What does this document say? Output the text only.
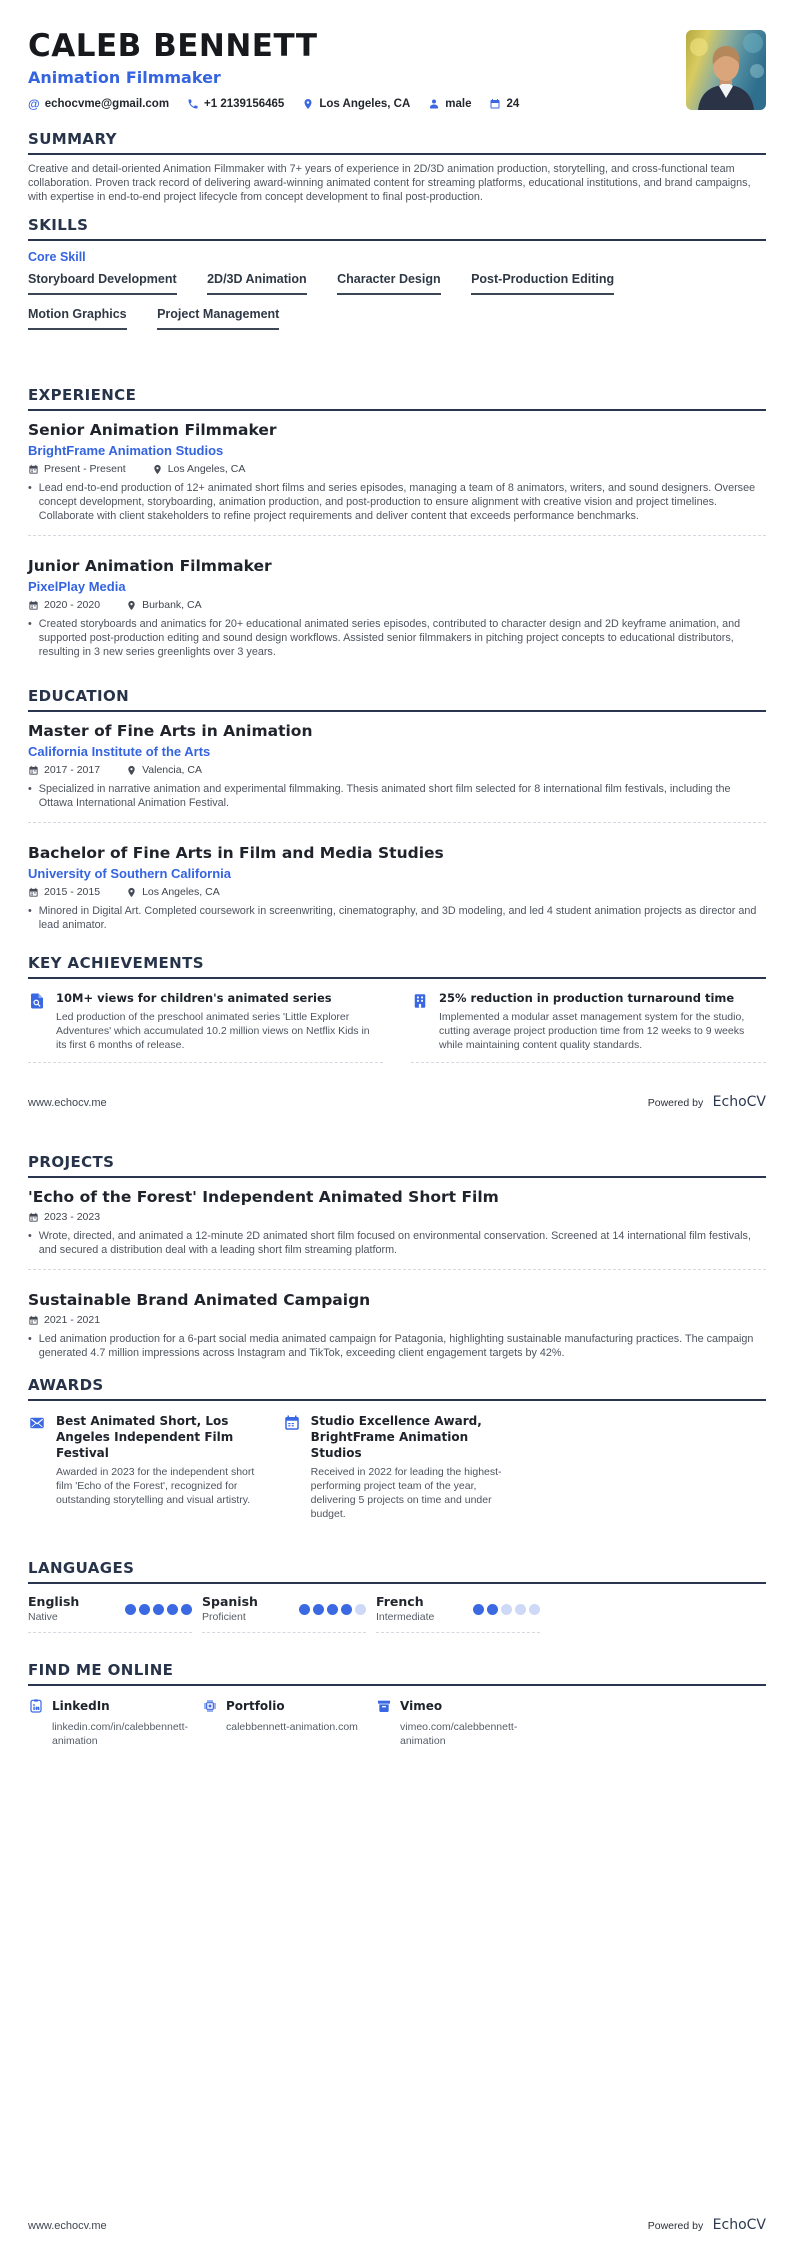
CALEB BENNETT
Animation Filmmaker
@ echocvme@gmail.com	+1 2139156465	Los Angeles, CA	male	24
SUMMARY

Creative and detail-oriented Animation Filmmaker with 7+ years of experience in 2D/3D animation production, storytelling, and cross-functional team collaboration. Proven track record of delivering award-winning animated content for streaming platforms, educational institutions, and brand campaigns, with expertise in end-to-end project lifecycle from concept development to final post-production.

SKILLS
Core Skill
Storyboard Development 2D/3D Animation Character Design Post-Production Editing Motion Graphics Project Management
EXPERIENCE
Senior Animation Filmmaker
BrightFrame Animation Studios
Present - Present	Los Angeles, CA
• Lead end-to-end production of 12+ animated short films and series episodes, managing a team of 8 animators, writers, and sound designers. Oversee concept development, storyboarding, animation production, and post-production to ensure alignment with creative vision and project timelines. Collaborate with client stakeholders to refine project requirements and deliver content that exceeds performance benchmarks.
Junior Animation Filmmaker
PixelPlay Media
2020 - 2020	Burbank, CA
• Created storyboards and animatics for 20+ educational animated series episodes, contributed to character design and 2D keyframe animation, and supported post-production editing and sound design workflows. Assisted senior filmmakers in pitching project concepts to educational distributors, resulting in 3 new series greenlights over 3 years.
EDUCATION
Master of Fine Arts in Animation
California Institute of the Arts
2017 - 2017	Valencia, CA
• Specialized in narrative animation and experimental filmmaking. Thesis animated short film selected for 8 international film festivals, including the Ottawa International Animation Festival.
Bachelor of Fine Arts in Film and Media Studies
University of Southern California
2015 - 2015	Los Angeles, CA
• Minored in Digital Art. Completed coursework in screenwriting, cinematography, and 3D modeling, and led 4 student animation projects as director and lead animator.
KEY ACHIEVEMENTS
10M+ views for children's animated series
Led production of the preschool animated series 'Little Explorer Adventures' which accumulated 10.2 million views on Netflix Kids in its first 6 months of release.
25% reduction in production turnaround time
Implemented a modular asset management system for the studio, cutting average project production time from 12 weeks to 9 weeks while maintaining content quality standards.
www.echocv.me	Powered by EchoCV
PROJECTS
'Echo of the Forest' Independent Animated Short Film
2023 - 2023
• Wrote, directed, and animated a 12-minute 2D animated short film focused on environmental conservation. Screened at 14 international film festivals, and secured a distribution deal with a leading short film streaming platform.
Sustainable Brand Animated Campaign
2021 - 2021
• Led animation production for a 6-part social media animated campaign for Patagonia, highlighting sustainable manufacturing practices. The campaign generated 4.7 million impressions across Instagram and TikTok, exceeding client engagement targets by 42%.
AWARDS
Best Animated Short, Los Angeles Independent Film Festival
Awarded in 2023 for the independent short film 'Echo of the Forest', recognized for outstanding storytelling and visual artistry.
Studio Excellence Award, BrightFrame Animation Studios
Received in 2022 for leading the highest-performing project team of the year, delivering 5 projects on time and under budget.
LANGUAGES
English
Native
Spanish
Proficient
French
Intermediate
FIND ME ONLINE
LinkedIn
linkedin.com/in/calebbennett-animation
Portfolio
calebbennett-animation.com
Vimeo
vimeo.com/calebbennett-animation
www.echocv.me	Powered by EchoCV
